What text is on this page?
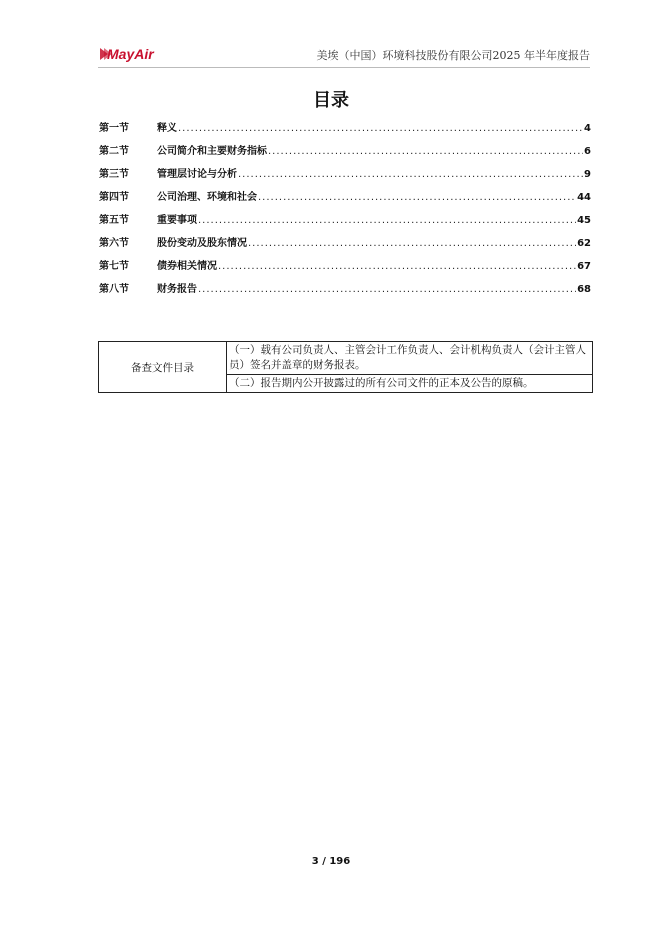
MayAir	美埃（中国）环境科技股份有限公司2025 年半年度报告
目录
第一节	释义 .....	4
第二节	公司简介和主要财务指标 .....	6
第三节	管理层讨论与分析 .....	9
第四节	公司治理、环境和社会 .....	44
第五节	重要事项 .....	45
第六节	股份变动及股东情况 .....	62
第七节	债券相关情况 .....	67
第八节	财务报告 .....	68
备查文件目录	（一）载有公司负责人、主管会计工作负责人、会计机构负责人（会计主管人员）签名并盖章的财务报表。
（二）报告期内公开披露过的所有公司文件的正本及公告的原稿。
3 / 196
